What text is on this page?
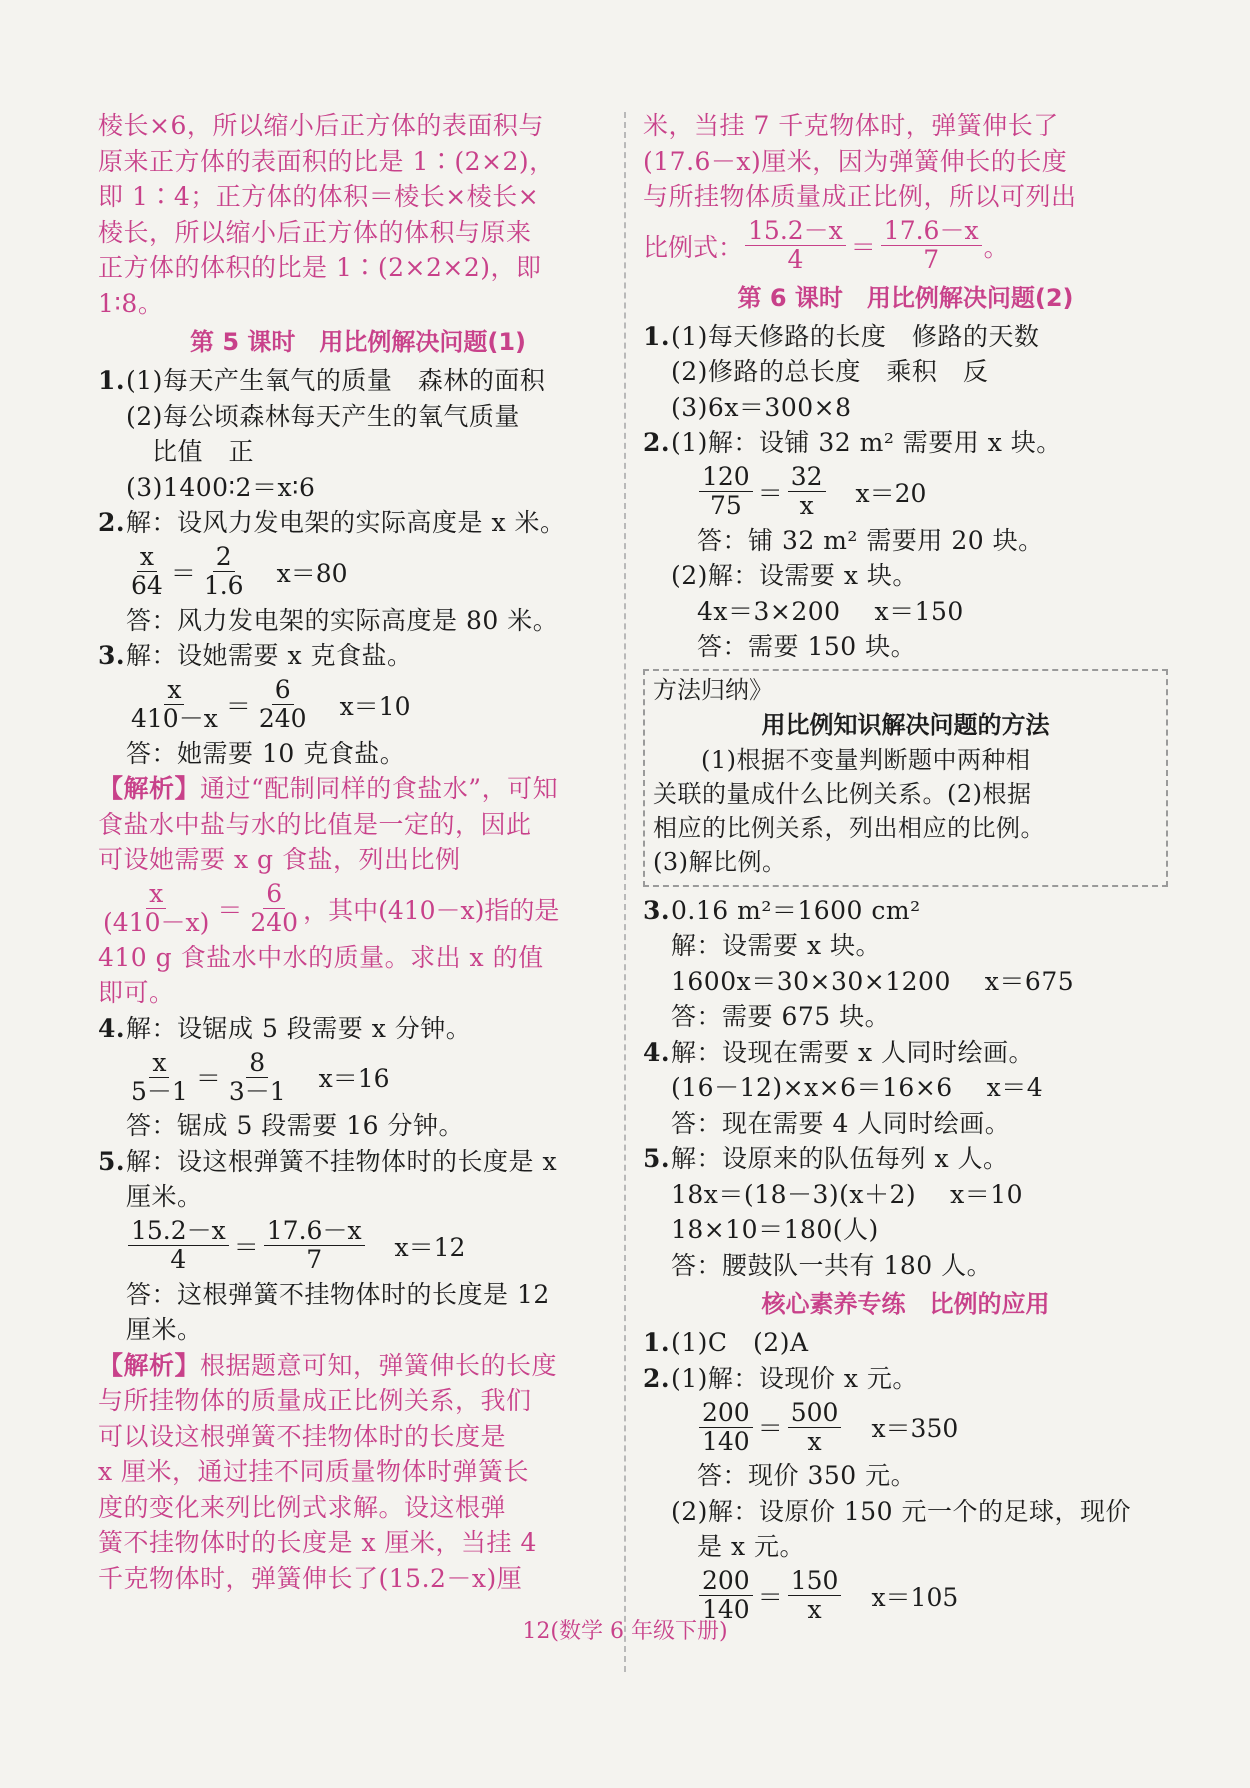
棱长×6，所以缩小后正方体的表面积与
原来正方体的表面积的比是 1∶(2×2)，
即 1∶4；正方体的体积＝棱长×棱长×
棱长，所以缩小后正方体的体积与原来
正方体的体积的比是 1∶(2×2×2)，即
1∶8。
第 5 课时　用比例解决问题(1)
1.(1)每天产生氧气的质量　森林的面积
(2)每公顷森林每天产生的氧气质量
比值　正
(3)1400∶2＝x∶6
2.解：设风力发电架的实际高度是 x 米。
$\frac{x}{64} = \frac{2}{1.6} x=80$
答：风力发电架的实际高度是 80 米。
3.解：设她需要 x 克食盐。
$\frac{x}{410-x} = \frac{6}{240} x=10$
答：她需要 10 克食盐。
【解析】通过“配制同样的食盐水”，可知
食盐水中盐与水的比值是一定的，因此
可设她需要 x g 食盐，列出比例
$\frac{x}{(410-x)} = \frac{6}{240}$ ，其中(410－x)指的是
410 g 食盐水中水的质量。求出 x 的值
即可。
4.解：设锯成 5 段需要 x 分钟。
$\frac{x}{5-1} = \frac{8}{3-1} x=16$
答：锯成 5 段需要 16 分钟。
5.解：设这根弹簧不挂物体时的长度是 x
厘米。
$\frac{15.2-x}{4} = \frac{17.6-x}{7} x=12$
答：这根弹簧不挂物体时的长度是 12
厘米。
【解析】根据题意可知，弹簧伸长的长度
与所挂物体的质量成正比例关系，我们
可以设这根弹簧不挂物体时的长度是
x 厘米，通过挂不同质量物体时弹簧长
度的变化来列比例式求解。设这根弹
簧不挂物体时的长度是 x 厘米，当挂 4
千克物体时，弹簧伸长了(15.2－x)厘
米，当挂 7 千克物体时，弹簧伸长了
(17.6－x)厘米，因为弹簧伸长的长度
与所挂物体质量成正比例，所以可列出
比例式： $\frac{15.2-x}{4} = \frac{17.6-x}{7}$ 。
第 6 课时　用比例解决问题(2)
1.(1)每天修路的长度　修路的天数
(2)修路的总长度　乘积　反
(3)6x＝300×8
2.(1)解：设铺 32 m² 需要用 x 块。
$\frac{120}{75} = \frac{32}{x} x=20$
答：铺 32 m² 需要用 20 块。
(2)解：设需要 x 块。
4x＝3×200　 x＝150
答：需要 150 块。
方法归纳》
用比例知识解决问题的方法
(1)根据不变量判断题中两种相
关联的量成什么比例关系。(2)根据
相应的比例关系，列出相应的比例。
(3)解比例。
3.0.16 m²＝1600 cm²
解：设需要 x 块。
1600x＝30×30×1200　 x＝675
答：需要 675 块。
4.解：设现在需要 x 人同时绘画。
(16－12)×x×6＝16×6　 x＝4
答：现在需要 4 人同时绘画。
5.解：设原来的队伍每列 x 人。
18x＝(18－3)(x＋2)　 x＝10
18×10＝180(人)
答：腰鼓队一共有 180 人。
核心素养专练　比例的应用
1.(1)C　(2)A
2.(1)解：设现价 x 元。
$\frac{200}{140} = \frac{500}{x} x=350$
答：现价 350 元。
(2)解：设原价 150 元一个的足球，现价
是 x 元。
$\frac{200}{140} = \frac{150}{x} x=105$
12(数学 6 年级下册)
